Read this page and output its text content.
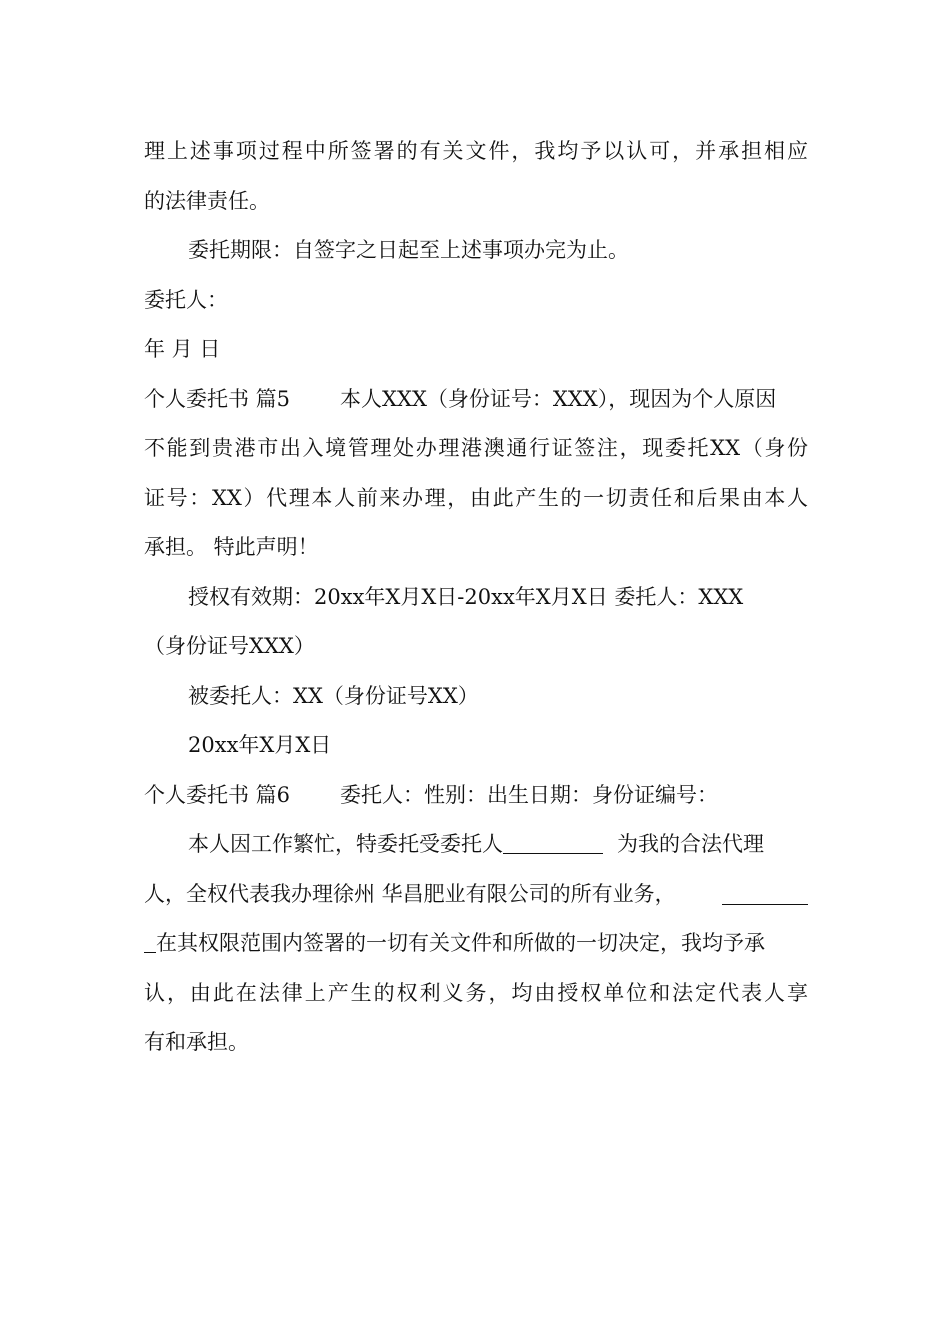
理上述事项过程中所签署的有关文件，我均予以认可，并承担相应
的法律责任。
委托期限：自签字之日起至上述事项办完为止。
委托人：
年 月 日
个人委托书 篇5 本人XXX（身份证号：XXX），现因为个人原因
不能到贵港市出入境管理处办理港澳通行证签注，现委托XX（身份
证号：XX）代理本人前来办理，由此产生的一切责任和后果由本人
承担。 特此声明！
授权有效期：20xx年X月X日-20xx年X月X日 委托人：XXX
（身份证号XXX）
被委托人：XX（身份证号XX）
20xx年X月X日
个人委托书 篇6 委托人：性别：出生日期：身份证编号：
本人因工作繁忙，特委托受委托人	为我的合法代理
人，全权代表我办理徐州 华昌肥业有限公司的所有业务，
在其权限范围内签署的一切有关文件和所做的一切决定，我均予承
认，由此在法律上产生的权利义务，均由授权单位和法定代表人享
有和承担。
